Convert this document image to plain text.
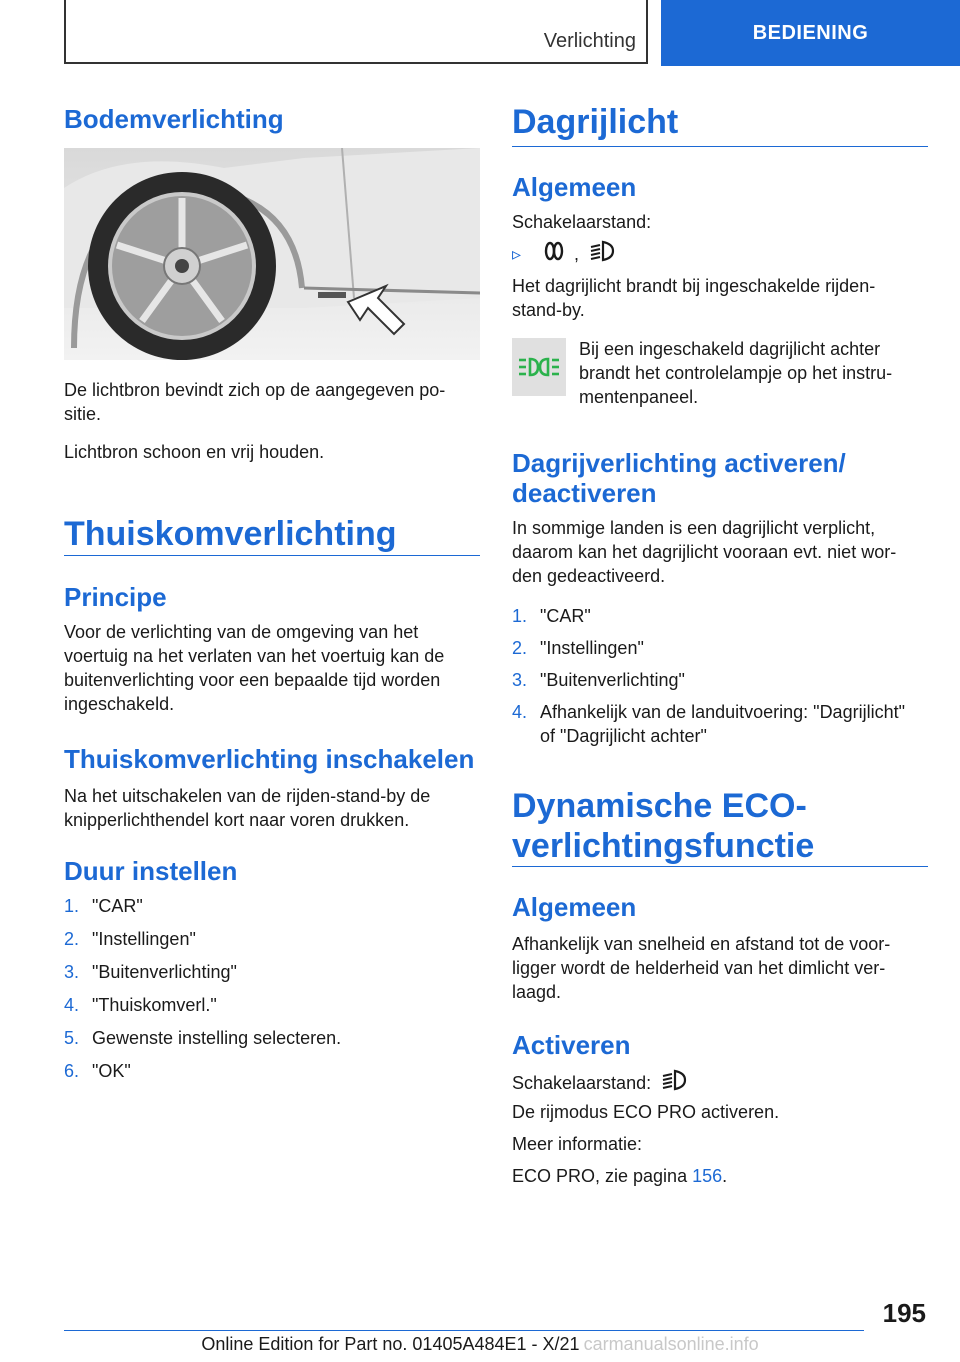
Verlichting	BEDIENING
Bodemverlichting
De lichtbron bevindt zich op de aangegeven po‐
sitie.
Lichtbron schoon en vrij houden.
Thuiskomverlichting
Principe
Voor de verlichting van de omgeving van het
voertuig na het verlaten van het voertuig kan de
buitenverlichting voor een bepaalde tijd worden
ingeschakeld.
Thuiskomverlichting inschakelen
Na het uitschakelen van de rijden-stand-by de
knipperlichthendel kort naar voren drukken.
Duur instellen
1. "CAR"
2. "Instellingen"
3. "Buitenverlichting"
4. "Thuiskomverl."
5. Gewenste instelling selecteren.
6. "OK"
Dagrijlicht
Algemeen
Schakelaarstand:
▹	,
Het dagrijlicht brandt bij ingeschakelde rijden-
stand-by.
Bij een ingeschakeld dagrijlicht achter
brandt het controlelampje op het instru-
mentenpaneel.
Dagrijverlichting activeren/
deactiveren
In sommige landen is een dagrijlicht verplicht,
daarom kan het dagrijlicht vooraan evt. niet wor-
den gedeactiveerd.
1. "CAR"
2. "Instellingen"
3. "Buitenverlichting"
4. Afhankelijk van de landuitvoering: "Dagrijlicht"
of "Dagrijlicht achter"
Dynamische ECO-
verlichtingsfunctie
Algemeen
Afhankelijk van snelheid en afstand tot de voor-
ligger wordt de helderheid van het dimlicht ver-
laagd.
Activeren
Schakelaarstand:
De rijmodus ECO PRO activeren.
Meer informatie:
ECO PRO, zie pagina 156.
195
Online Edition for Part no. 01405A484E1 - X/21 carmanualsonline.info
